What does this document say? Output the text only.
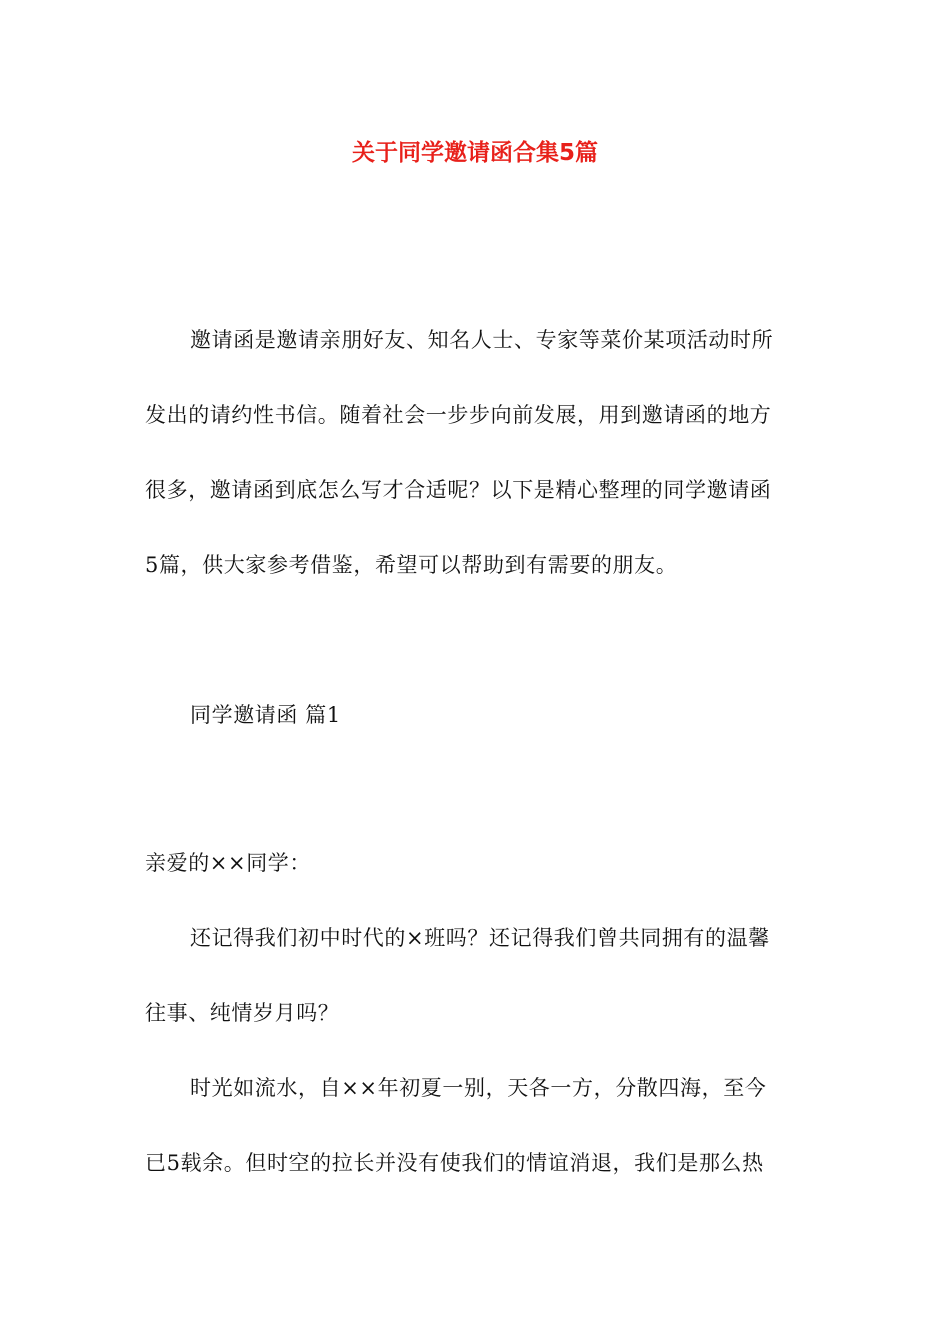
关于同学邀请函合集5篇
邀请函是邀请亲朋好友、知名人士、专家等菜价某项活动时所
发出的请约性书信。随着社会一步步向前发展，用到邀请函的地方
很多，邀请函到底怎么写才合适呢？以下是精心整理的同学邀请函
5篇，供大家参考借鉴，希望可以帮助到有需要的朋友。
同学邀请函 篇1
亲爱的××同学：
还记得我们初中时代的×班吗？还记得我们曾共同拥有的温馨
往事、纯情岁月吗？
时光如流水，自××年初夏一别，天各一方，分散四海，至今
已5载余。但时空的拉长并没有使我们的情谊消退，我们是那么热
